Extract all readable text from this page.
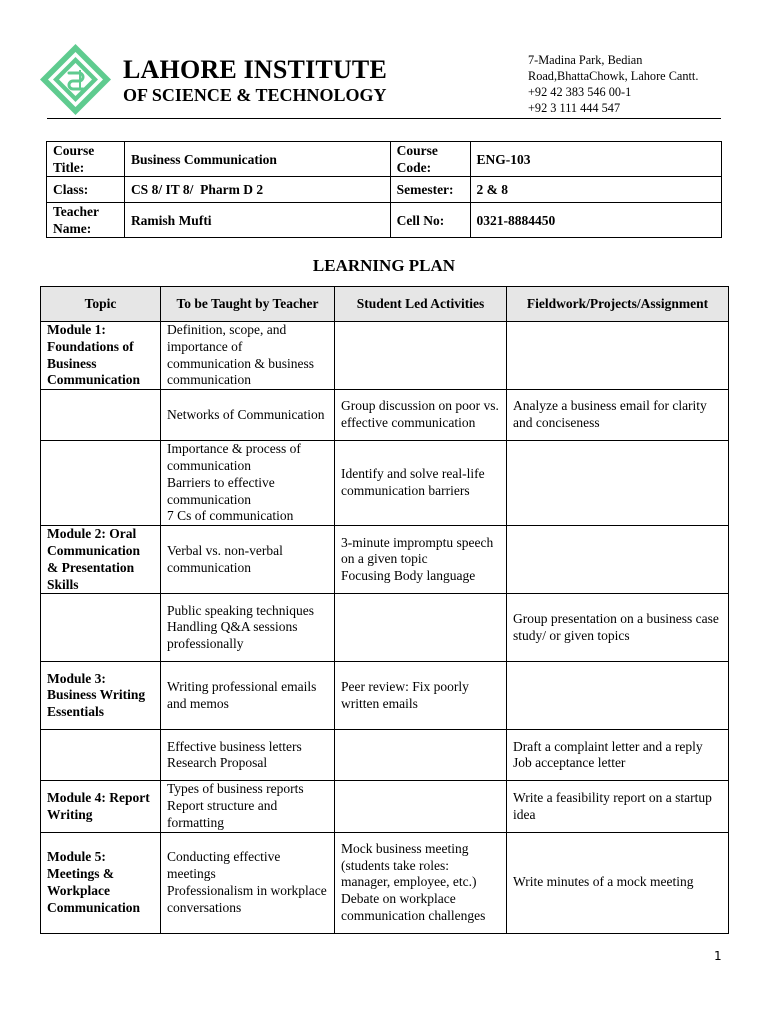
LAHORE INSTITUTE
OF SCIENCE & TECHNOLOGY
7-Madina Park, Bedian
Road,BhattaChowk, Lahore Cantt.
+92 42 383 546 00-1
+92 3 111 444 547
Course Title:	Business Communication	Course Code:	ENG-103
Class:	CS 8/ IT 8/  Pharm D 2	Semester:	2 & 8
Teacher Name:	Ramish Mufti	Cell No:	0321-8884450
LEARNING PLAN
Topic	To be Taught by Teacher	Student Led Activities	Fieldwork/Projects/Assignment
Module 1: Foundations of Business Communication	Definition, scope, and importance of communication & business communication		

	Networks of Communication	Group discussion on poor vs. effective communication	Analyze a business email for clarity and conciseness

	Importance & process of communication
Barriers to effective communication
7 Cs of communication	Identify and solve real-life communication barriers	

Module 2: Oral Communication & Presentation Skills	Verbal vs. non-verbal communication	3-minute impromptu speech on a given topic
Focusing Body language	

	Public speaking techniques
Handling Q&A sessions professionally		Group presentation on a business case study/ or given topics

Module 3: Business Writing Essentials	Writing professional emails and memos	Peer review: Fix poorly written emails	

	Effective business letters
Research Proposal		Draft a complaint letter and a reply
Job acceptance letter

Module 4: Report Writing	Types of business reports
Report structure and formatting		Write a feasibility report on a startup idea

Module 5: Meetings & Workplace Communication	Conducting effective meetings
Professionalism in workplace conversations	Mock business meeting (students take roles: manager, employee, etc.)
Debate on workplace communication challenges	Write minutes of a mock meeting
1
